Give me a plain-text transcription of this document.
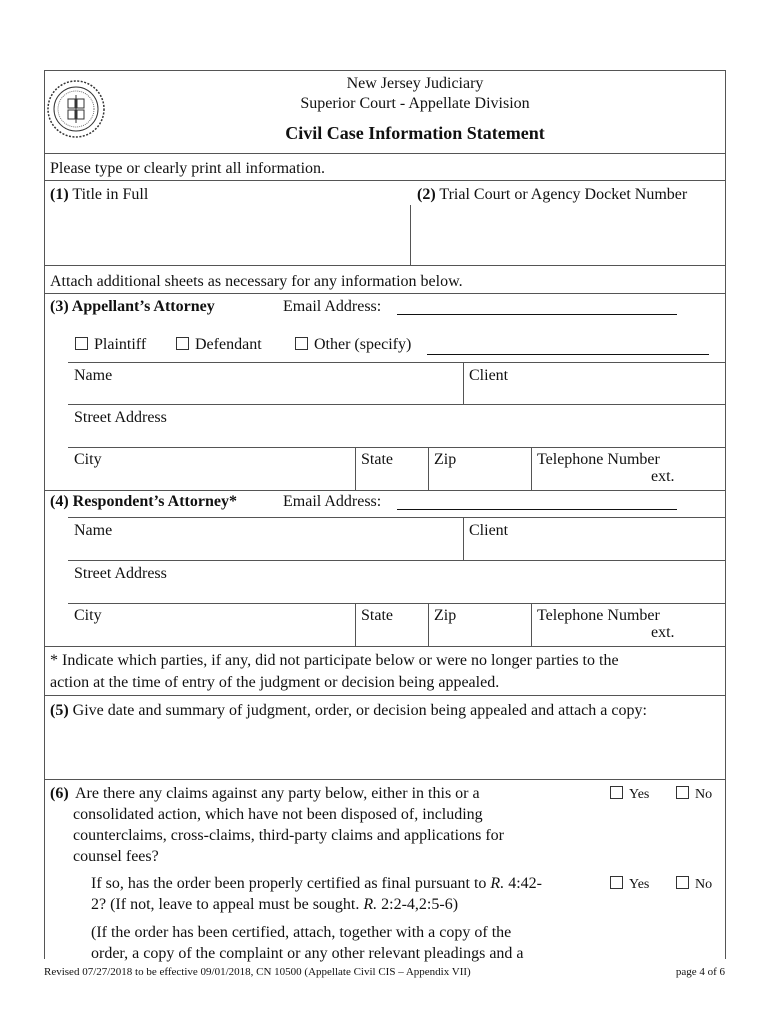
New Jersey Judiciary
Superior Court - Appellate Division
Civil Case Information Statement
Please type or clearly print all information.
(1) Title in Full	(2) Trial Court or Agency Docket Number
Attach additional sheets as necessary for any information below.
(3) Appellant’s Attorney	Email Address:
Plaintiff	Defendant	Other (specify)
Name	Client
Street Address
City	State	Zip	Telephone Number
ext.
(4) Respondent’s Attorney*	Email Address:
Name	Client
Street Address
City	State	Zip	Telephone Number
ext.
* Indicate which parties, if any, did not participate below or were no longer parties to the
action at the time of entry of the judgment or decision being appealed.
(5) Give date and summary of judgment, order, or decision being appealed and attach a copy:
(6) Are there any claims against any party below, either in this or a
consolidated action, which have not been disposed of, including
counterclaims, cross-claims, third-party claims and applications for
counsel fees?
Yes	No
If so, has the order been properly certified as final pursuant to R. 4:42-
2? (If not, leave to appeal must be sought. R. 2:2-4,2:5-6)
Yes	No
(If the order has been certified, attach, together with a copy of the
order, a copy of the complaint or any other relevant pleadings and a
Revised 07/27/2018 to be effective 09/01/2018, CN 10500 (Appellate Civil CIS – Appendix VII)	page 4 of 6
